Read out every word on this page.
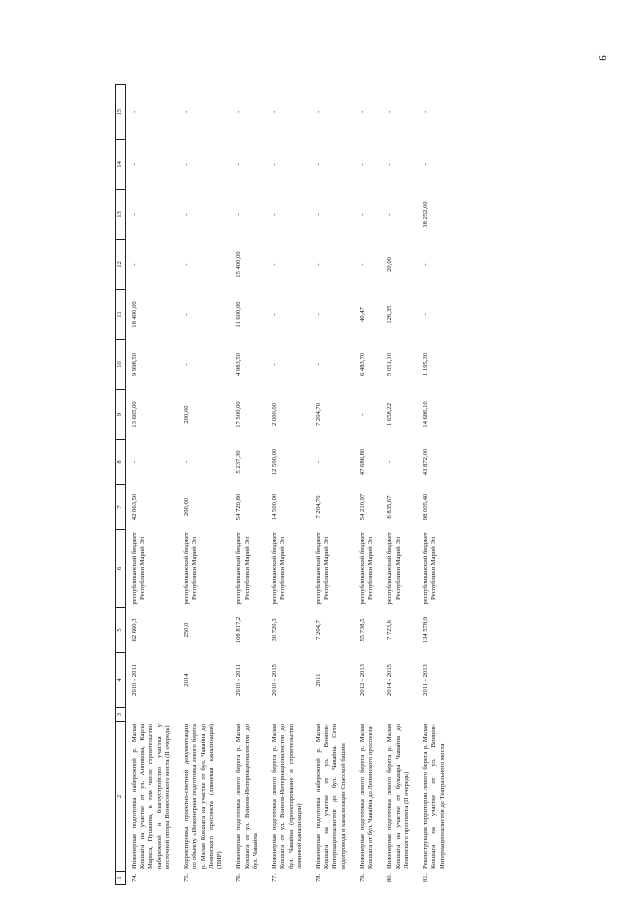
9
1	2	3	4	5	6	7	8	9	10	11	12	13	14	15
74.	Инженерная подготовка набережной р. Малая Кокшага на участке от ул. Анникова, Карла Маркса, Пушкина, в том числе строительство набережной и благоустройство участка у восточной опоры Вознесенского моста (II очередь)		2010 - 2011	62 660,3	республиканский бюджет Республики Марий Эл	42 063,50	-	13 665,00	9 998,50	18 400,00	-	-	-	-
75.	Корректировка проектно-сметной документации по объекту «Инженерная подготовка левого берега р. Малая Кокшага на участке от бул. Чавайна до Ленинского проспекта (ливневая канализация) (ПИР)		2014	250,0	республиканский бюджет Республики Марий Эл	200,00	-	200,00	-	-	-	-	-	-
76.	Инженерная подготовка левого берега р. Малая Кокшага от ул. Воинов-Интернационалистов до бул. Чавайна		2010 - 2011	108 817,2	республиканский бюджет Республики Марий Эл	54 720,80	5 237,30	17 500,00	4 983,50	11 600,00	15 400,00	-	-	-
77.	Инженерная подготовка левого берега р. Малая Кокшага от ул. Воинов-Интернационалистов до бул. Чавайна (проектирование и строительство ливневой канализации)		2010 - 2015	30 720,3	республиканский бюджет Республики Марий Эл	14 500,00	12 500,00	2 000,00	-	-	-	-	-	-
78.	Инженерная подготовка набережной р. Малая Кокшага на участке от ул. Воинов-Интернационалистов до бул. Чавайна. Сети водопровода и канализации Спасской башни		2011	7 204,7	республиканский бюджет Республики Марий Эл	7 204,70	-	7 204,70	-	-	-	-	-	-
79.	Инженерная подготовка левого берега р. Малая Кокшага от бул. Чавайна до Ленинского проспекта		2012 - 2013	55 738,5	республиканский бюджет Республики Марий Эл	54 210,97	47 686,80	-	6 483,70	40,47	-	-	-	-
80.	Инженерная подготовка левого берега р. Малая Кокшага на участке от бульвара Чавайна до Ленинского проспекта (II очередь)		2014 - 2015	7 723,6	республиканский бюджет Республики Марий Эл	6 835,67	-	1 658,22	5 051,10	126,35	20,00	-	-	-
81.	Реконструкция территории левого берега р. Малая Кокшага на участке от ул. Воинов-Интернационалистов до Театрального моста		2011 - 2013	134 578,9	республиканский бюджет Республики Марий Эл	98 005,40	43 872,00	14 686,10	1 195,30	-	-	38 252,00	-	-
